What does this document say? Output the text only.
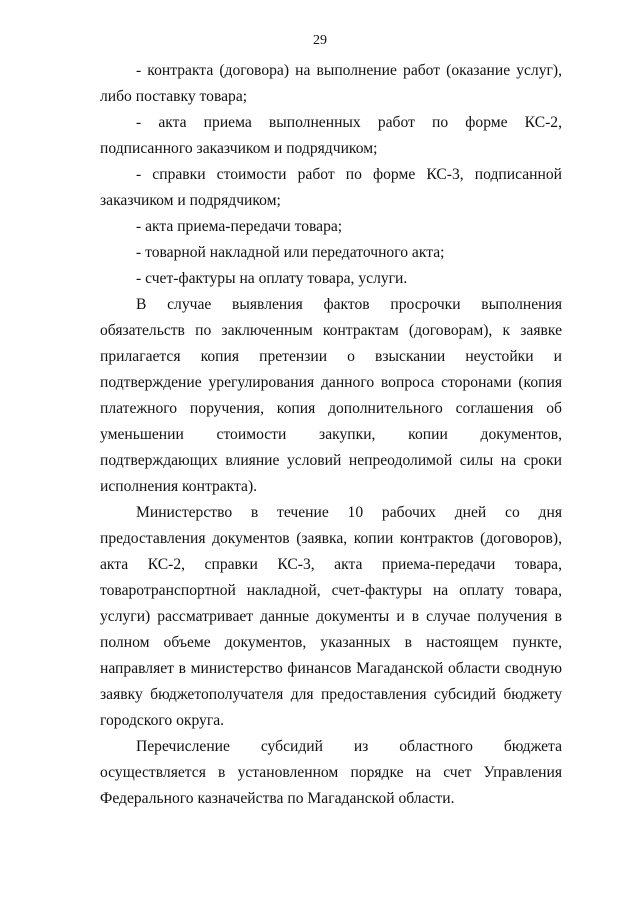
29

- контракта (договора) на выполнение работ (оказание услуг), либо поставку товара;

- акта приема выполненных работ по форме КС-2, подписанного заказчиком и подрядчиком;

- справки стоимости работ по форме КС-3, подписанной заказчиком и подрядчиком;

- акта приема-передачи товара;

- товарной накладной или передаточного акта;

- счет-фактуры на оплату товара, услуги.

В случае выявления фактов просрочки выполнения обязательств по заключенным контрактам (договорам), к заявке прилагается копия претензии о взыскании неустойки и подтверждение урегулирования данного вопроса сторонами (копия платежного поручения, копия дополнительного соглашения об уменьшении стоимости закупки, копии документов, подтверждающих влияние условий непреодолимой силы на сроки исполнения контракта).

Министерство в течение 10 рабочих дней со дня предоставления документов (заявка, копии контрактов (договоров), акта КС-2, справки КС-3, акта приема-передачи товара, товаротранспортной накладной, счет-фактуры на оплату товара, услуги) рассматривает данные документы и в случае получения в полном объеме документов, указанных в настоящем пункте, направляет в министерство финансов Магаданской области сводную заявку бюджетополучателя для предоставления субсидий бюджету городского округа.

Перечисление субсидий из областного бюджета осуществляется в установленном порядке на счет Управления Федерального казначейства по Магаданской области.
